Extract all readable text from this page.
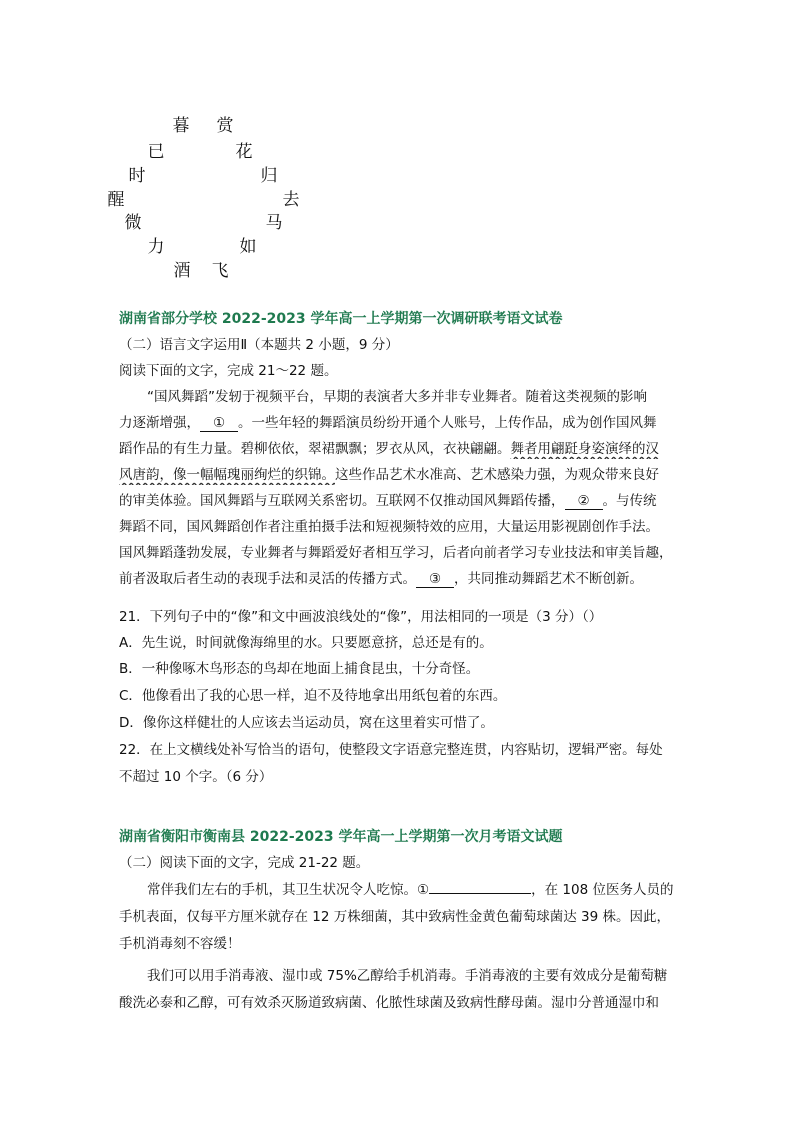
暮 赏
已	花
时	归
醒	去
微	马
力	如
酒 飞
湖南省部分学校 2022-2023 学年高一上学期第一次调研联考语文试卷
（二）语言文字运用Ⅱ（本题共 2 小题，9 分）
阅读下面的文字，完成 21～22 题。
“国风舞蹈”发轫于视频平台，早期的表演者大多并非专业舞者。随着这类视频的影响
力逐渐增强， ① 。一些年轻的舞蹈演员纷纷开通个人账号，上传作品，成为创作国风舞
蹈作品的有生力量。碧柳依依，翠裙飘飘；罗衣从风，衣袂翩翩。舞者用翩跹身姿演绎的汉
风唐韵，像一幅幅瑰丽绚烂的织锦。这些作品艺术水准高、艺术感染力强，为观众带来良好
的审美体验。国风舞蹈与互联网关系密切。互联网不仅推动国风舞蹈传播， ② 。与传统
舞蹈不同，国风舞蹈创作者注重拍摄手法和短视频特效的应用，大量运用影视剧创作手法。
国风舞蹈蓬勃发展，专业舞者与舞蹈爱好者相互学习，后者向前者学习专业技法和审美旨趣，
前者汲取后者生动的表现手法和灵活的传播方式。 ③ ，共同推动舞蹈艺术不断创新。
21．下列句子中的“像”和文中画波浪线处的“像”，用法相同的一项是（3 分）（）
A．先生说，时间就像海绵里的水。只要愿意挤，总还是有的。
B．一种像啄木鸟形态的鸟却在地面上捕食昆虫，十分奇怪。
C．他像看出了我的心思一样，迫不及待地拿出用纸包着的东西。
D．像你这样健壮的人应该去当运动员，窝在这里着实可惜了。
22．在上文横线处补写恰当的语句，使整段文字语意完整连贯，内容贴切，逻辑严密。每处
不超过 10 个字。（6 分）
湖南省衡阳市衡南县 2022-2023 学年高一上学期第一次月考语文试题
（二）阅读下面的文字，完成 21-22 题。
常伴我们左右的手机，其卫生状况令人吃惊。①	，在 108 位医务人员的
手机表面，仅每平方厘米就存在 12 万株细菌，其中致病性金黄色葡萄球菌达 39 株。因此，
手机消毒刻不容缓！
我们可以用手消毒液、湿巾或 75%乙醇给手机消毒。手消毒液的主要有效成分是葡萄糖
酸洗必泰和乙醇，可有效杀灭肠道致病菌、化脓性球菌及致病性酵母菌。湿巾分普通湿巾和
